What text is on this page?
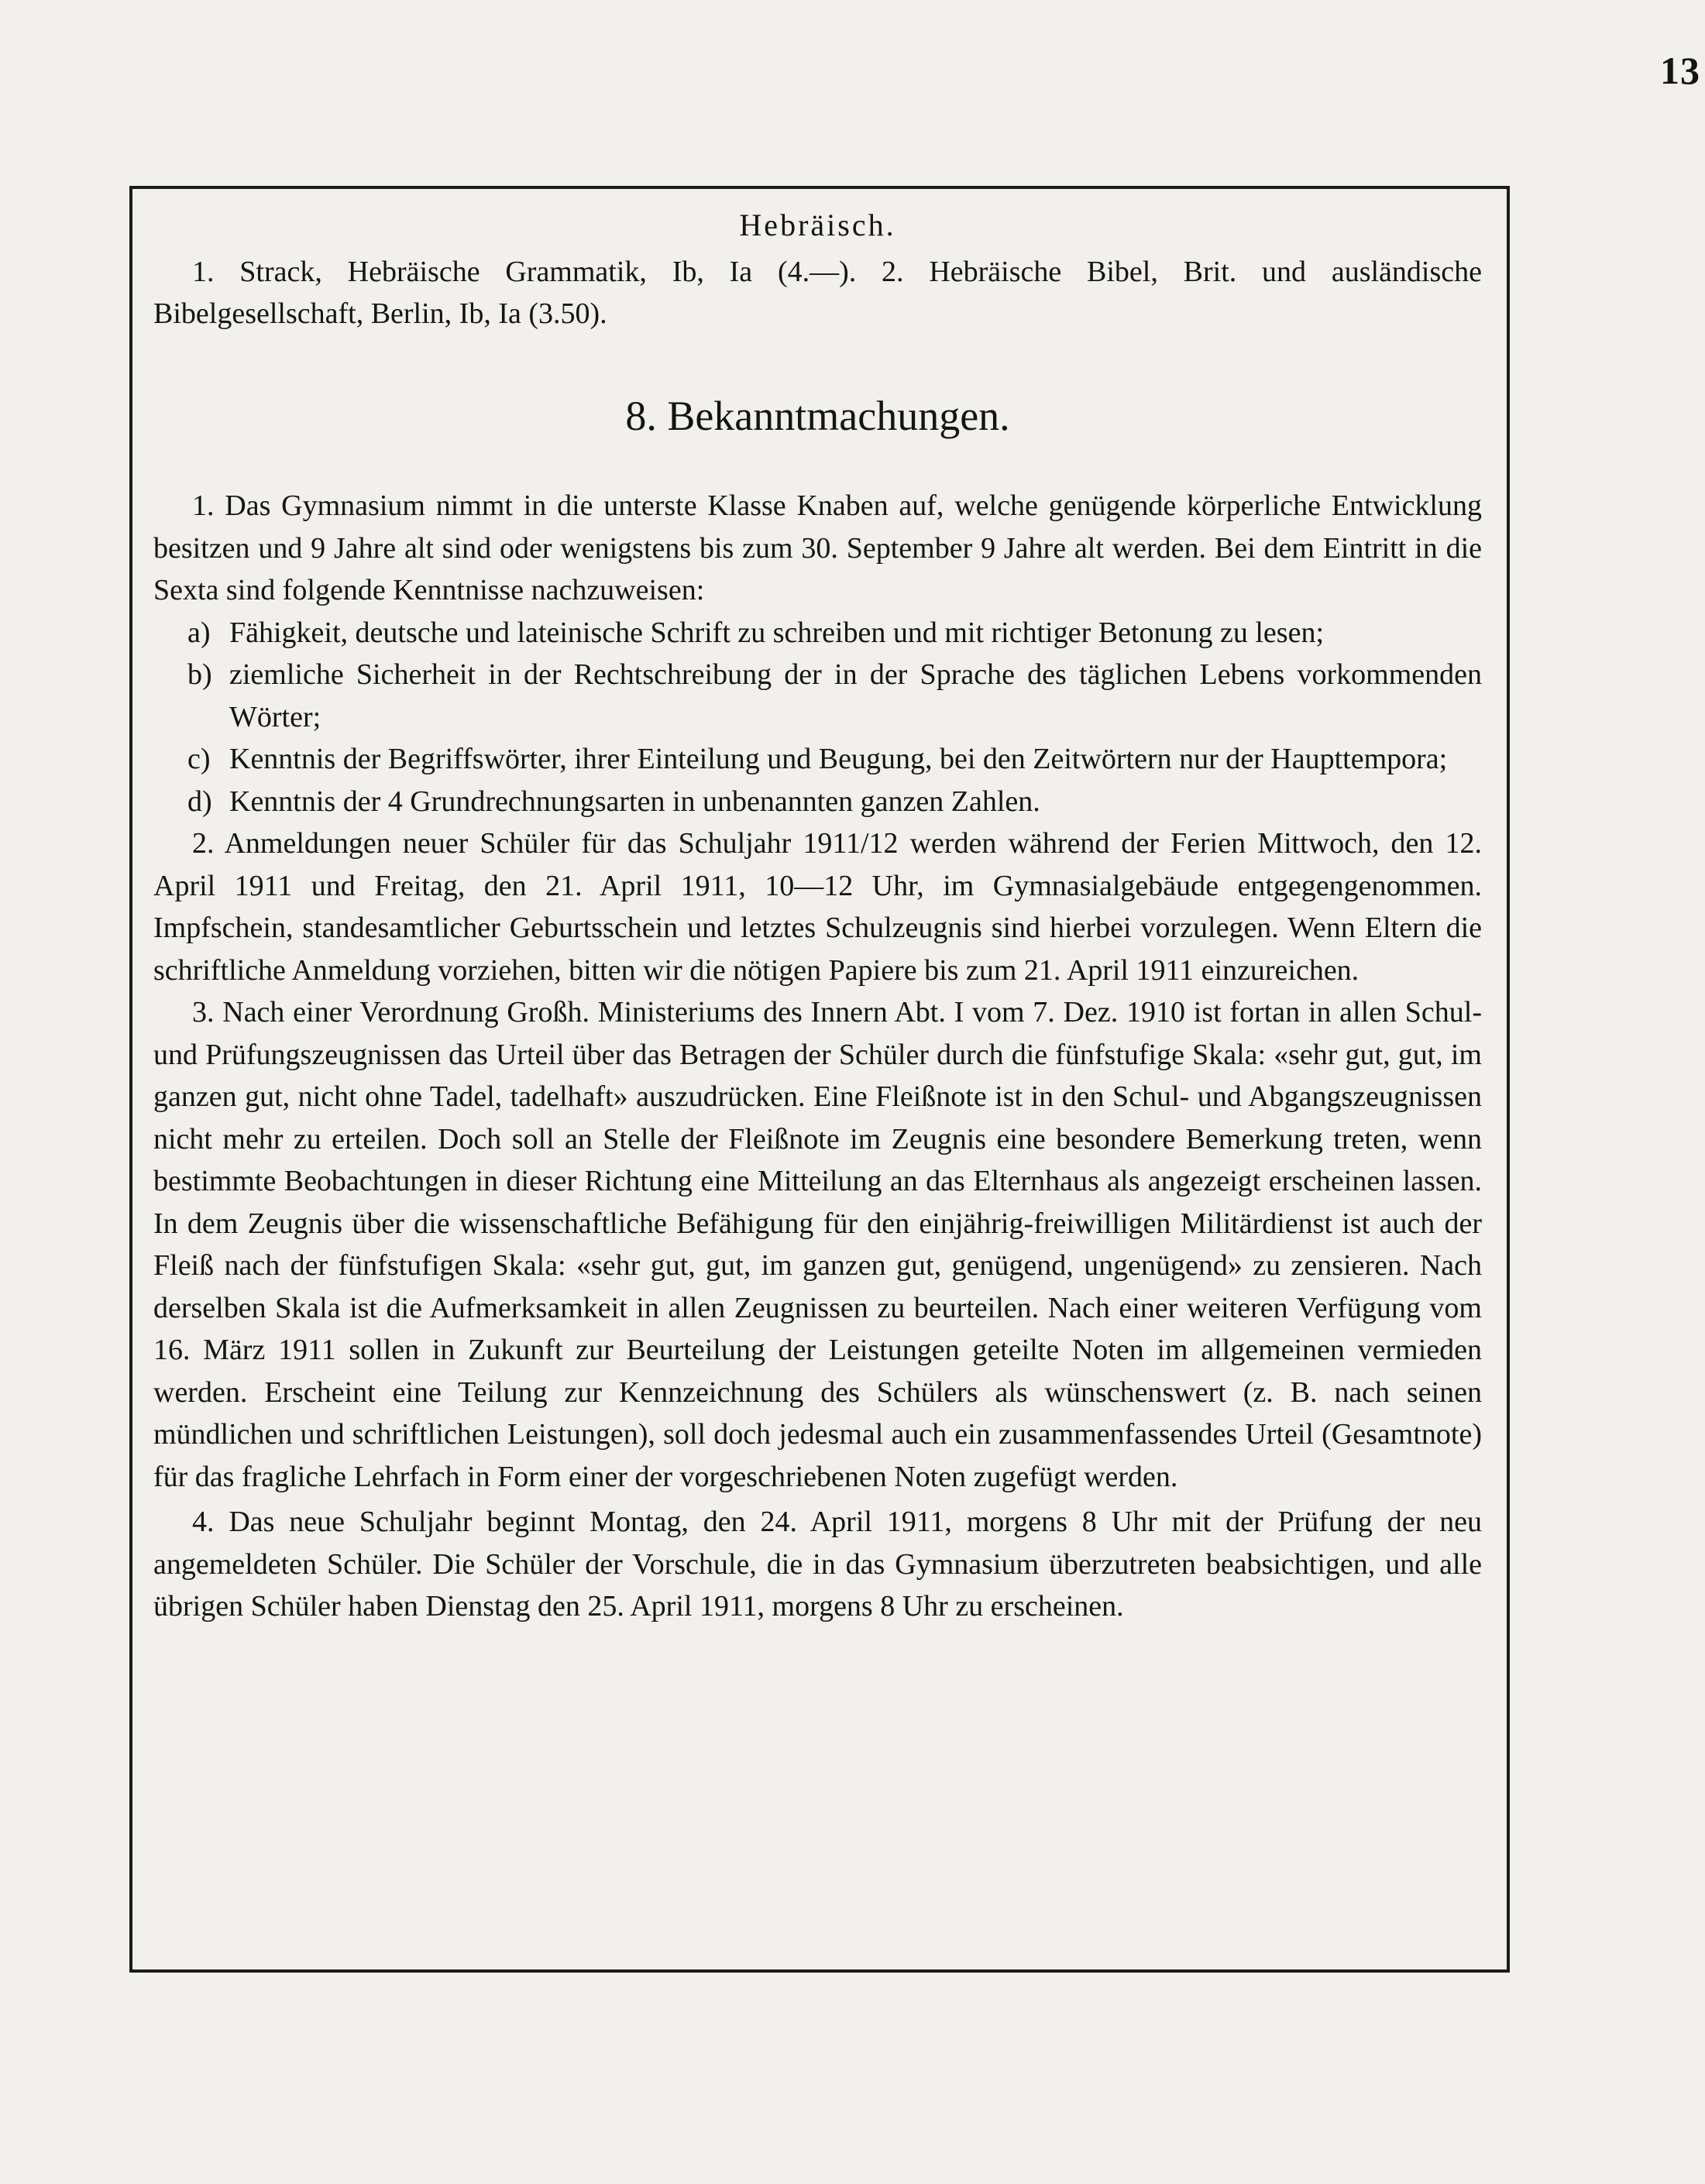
13
Hebräisch.

1. Strack, Hebräische Grammatik, Ib, Ia (4.—). 2. Hebräische Bibel, Brit. und ausländische Bibelgesellschaft, Berlin, Ib, Ia (3.50).

8. Bekanntmachungen.

1. Das Gymnasium nimmt in die unterste Klasse Knaben auf, welche genügende körperliche Entwicklung besitzen und 9 Jahre alt sind oder wenigstens bis zum 30. September 9 Jahre alt werden. Bei dem Eintritt in die Sexta sind folgende Kenntnisse nachzuweisen:

a) Fähigkeit, deutsche und lateinische Schrift zu schreiben und mit richtiger Betonung zu lesen;
b) ziemliche Sicherheit in der Rechtschreibung der in der Sprache des täglichen Lebens vorkommenden Wörter;
c) Kenntnis der Begriffswörter, ihrer Einteilung und Beugung, bei den Zeitwörtern nur der Haupttempora;
d) Kenntnis der 4 Grundrechnungsarten in unbenannten ganzen Zahlen.

2. Anmeldungen neuer Schüler für das Schuljahr 1911/12 werden während der Ferien Mittwoch, den 12. April 1911 und Freitag, den 21. April 1911, 10—12 Uhr, im Gymnasialgebäude entgegengenommen. Impfschein, standesamtlicher Geburtsschein und letztes Schulzeugnis sind hierbei vorzulegen. Wenn Eltern die schriftliche Anmeldung vorziehen, bitten wir die nötigen Papiere bis zum 21. April 1911 einzureichen.

3. Nach einer Verordnung Großh. Ministeriums des Innern Abt. I vom 7. Dez. 1910 ist fortan in allen Schul- und Prüfungszeugnissen das Urteil über das Betragen der Schüler durch die fünfstufige Skala: «sehr gut, gut, im ganzen gut, nicht ohne Tadel, tadelhaft» auszudrücken. Eine Fleißnote ist in den Schul- und Abgangszeugnissen nicht mehr zu erteilen. Doch soll an Stelle der Fleißnote im Zeugnis eine besondere Bemerkung treten, wenn bestimmte Beobachtungen in dieser Richtung eine Mitteilung an das Elternhaus als angezeigt erscheinen lassen. In dem Zeugnis über die wissenschaftliche Befähigung für den einjährig-freiwilligen Militärdienst ist auch der Fleiß nach der fünfstufigen Skala: «sehr gut, gut, im ganzen gut, genügend, ungenügend» zu zensieren. Nach derselben Skala ist die Aufmerksamkeit in allen Zeugnissen zu beurteilen. Nach einer weiteren Verfügung vom 16. März 1911 sollen in Zukunft zur Beurteilung der Leistungen geteilte Noten im allgemeinen vermieden werden. Erscheint eine Teilung zur Kennzeichnung des Schülers als wünschenswert (z. B. nach seinen mündlichen und schriftlichen Leistungen), soll doch jedesmal auch ein zusammenfassendes Urteil (Gesamtnote) für das fragliche Lehrfach in Form einer der vorgeschriebenen Noten zugefügt werden.

4. Das neue Schuljahr beginnt Montag, den 24. April 1911, morgens 8 Uhr mit der Prüfung der neu angemeldeten Schüler. Die Schüler der Vorschule, die in das Gymnasium überzutreten beabsichtigen, und alle übrigen Schüler haben Dienstag den 25. April 1911, morgens 8 Uhr zu erscheinen.
